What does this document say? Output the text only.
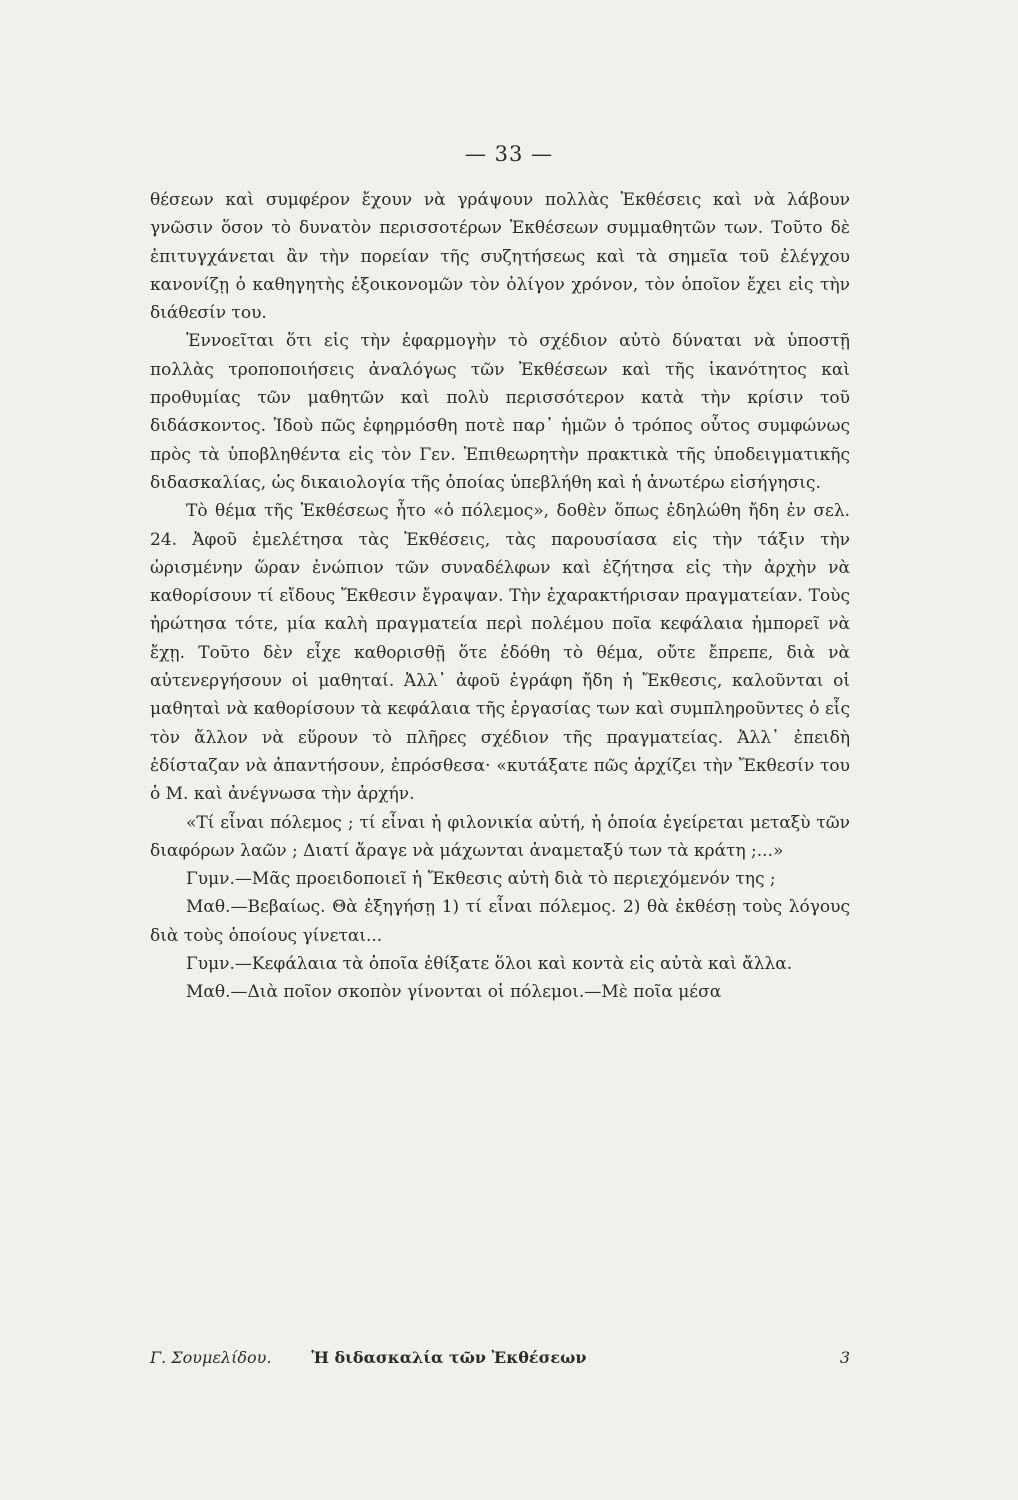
— 33 —

θέσεων καὶ συμφέρον ἔχουν νὰ γράψουν πολλὰς Ἐκθέσεις καὶ νὰ λάβουν γνῶσιν ὅσον τὸ δυνατὸν περισσοτέρων Ἐκθέσεων συμμαθητῶν των. Τοῦτο δὲ ἐπιτυγχάνεται ἂν τὴν πορείαν τῆς συζητήσεως καὶ τὰ σημεῖα τοῦ ἐλέγχου κανονίζῃ ὁ καθηγητὴς ἐξοικονομῶν τὸν ὀλίγον χρόνον, τὸν ὁποῖον ἔχει εἰς τὴν διάθεσίν του.

Ἐννοεῖται ὅτι εἰς τὴν ἐφαρμογὴν τὸ σχέδιον αὐτὸ δύναται νὰ ὑποστῇ πολλὰς τροποποιήσεις ἀναλόγως τῶν Ἐκθέσεων καὶ τῆς ἱκανότητος καὶ προθυμίας τῶν μαθητῶν καὶ πολὺ περισσότερον κατὰ τὴν κρίσιν τοῦ διδάσκοντος. Ἰδοὺ πῶς ἐφηρμόσθη ποτὲ παρ᾽ ἡμῶν ὁ τρόπος οὗτος συμφώνως πρὸς τὰ ὑποβληθέντα εἰς τὸν Γεν. Ἐπιθεωρητὴν πρακτικὰ τῆς ὑποδειγματικῆς διδασκαλίας, ὡς δικαιολογία τῆς ὁποίας ὑπεβλήθη καὶ ἡ ἀνωτέρω εἰσήγησις.

Τὸ θέμα τῆς Ἐκθέσεως ἦτο «ὁ πόλεμος», δοθὲν ὅπως ἐδηλώθη ἤδη ἐν σελ. 24. Ἀφοῦ ἐμελέτησα τὰς Ἐκθέσεις, τὰς παρουσίασα εἰς τὴν τάξιν τὴν ὡρισμένην ὥραν ἐνώπιον τῶν συναδέλφων καὶ ἐζήτησα εἰς τὴν ἀρχὴν νὰ καθορίσουν τί εἴδους Ἔκθεσιν ἔγραψαν. Τὴν ἐχαρακτήρισαν πραγματείαν. Τοὺς ἠρώτησα τότε, μία καλὴ πραγματεία περὶ πολέμου ποῖα κεφάλαια ἠμπορεῖ νὰ ἔχῃ. Τοῦτο δὲν εἶχε καθορισθῇ ὅτε ἐδόθη τὸ θέμα, οὔτε ἔπρεπε, διὰ νὰ αὐτενεργήσουν οἱ μαθηταί. Ἀλλ᾽ ἀφοῦ ἐγράφη ἤδη ἡ Ἔκθεσις, καλοῦνται οἱ μαθηταὶ νὰ καθορίσουν τὰ κεφάλαια τῆς ἐργασίας των καὶ συμπληροῦντες ὁ εἷς τὸν ἄλλον νὰ εὕρουν τὸ πλῆρες σχέδιον τῆς πραγματείας. Ἀλλ᾽ ἐπειδὴ ἐδίσταζαν νὰ ἀπαντήσουν, ἐπρόσθεσα· «κυτάξατε πῶς ἀρχίζει τὴν Ἔκθεσίν του ὁ Μ. καὶ ἀνέγνωσα τὴν ἀρχήν.

«Τί εἶναι πόλεμος ; τί εἶναι ἡ φιλονικία αὐτή, ἡ ὁποία ἐγείρεται μεταξὺ τῶν διαφόρων λαῶν ; Διατί ἄραγε νὰ μάχωνται ἀναμεταξύ των τὰ κράτη ;...»

Γυμν.—Μᾶς προειδοποιεῖ ἡ Ἔκθεσις αὐτὴ διὰ τὸ περιεχόμενόν της ;

Μαθ.—Βεβαίως. Θὰ ἐξηγήσῃ 1) τί εἶναι πόλεμος. 2) θὰ ἐκθέσῃ τοὺς λόγους διὰ τοὺς ὁποίους γίνεται...

Γυμν.—Κεφάλαια τὰ ὁποῖα ἐθίξατε ὅλοι καὶ κοντὰ εἰς αὐτὰ καὶ ἄλλα.

Μαθ.—Διὰ ποῖον σκοπὸν γίνονται οἱ πόλεμοι.—Μὲ ποῖα μέσα

Γ. Σουμελίδου.	Ἡ διδασκαλία τῶν Ἐκθέσεων	3
